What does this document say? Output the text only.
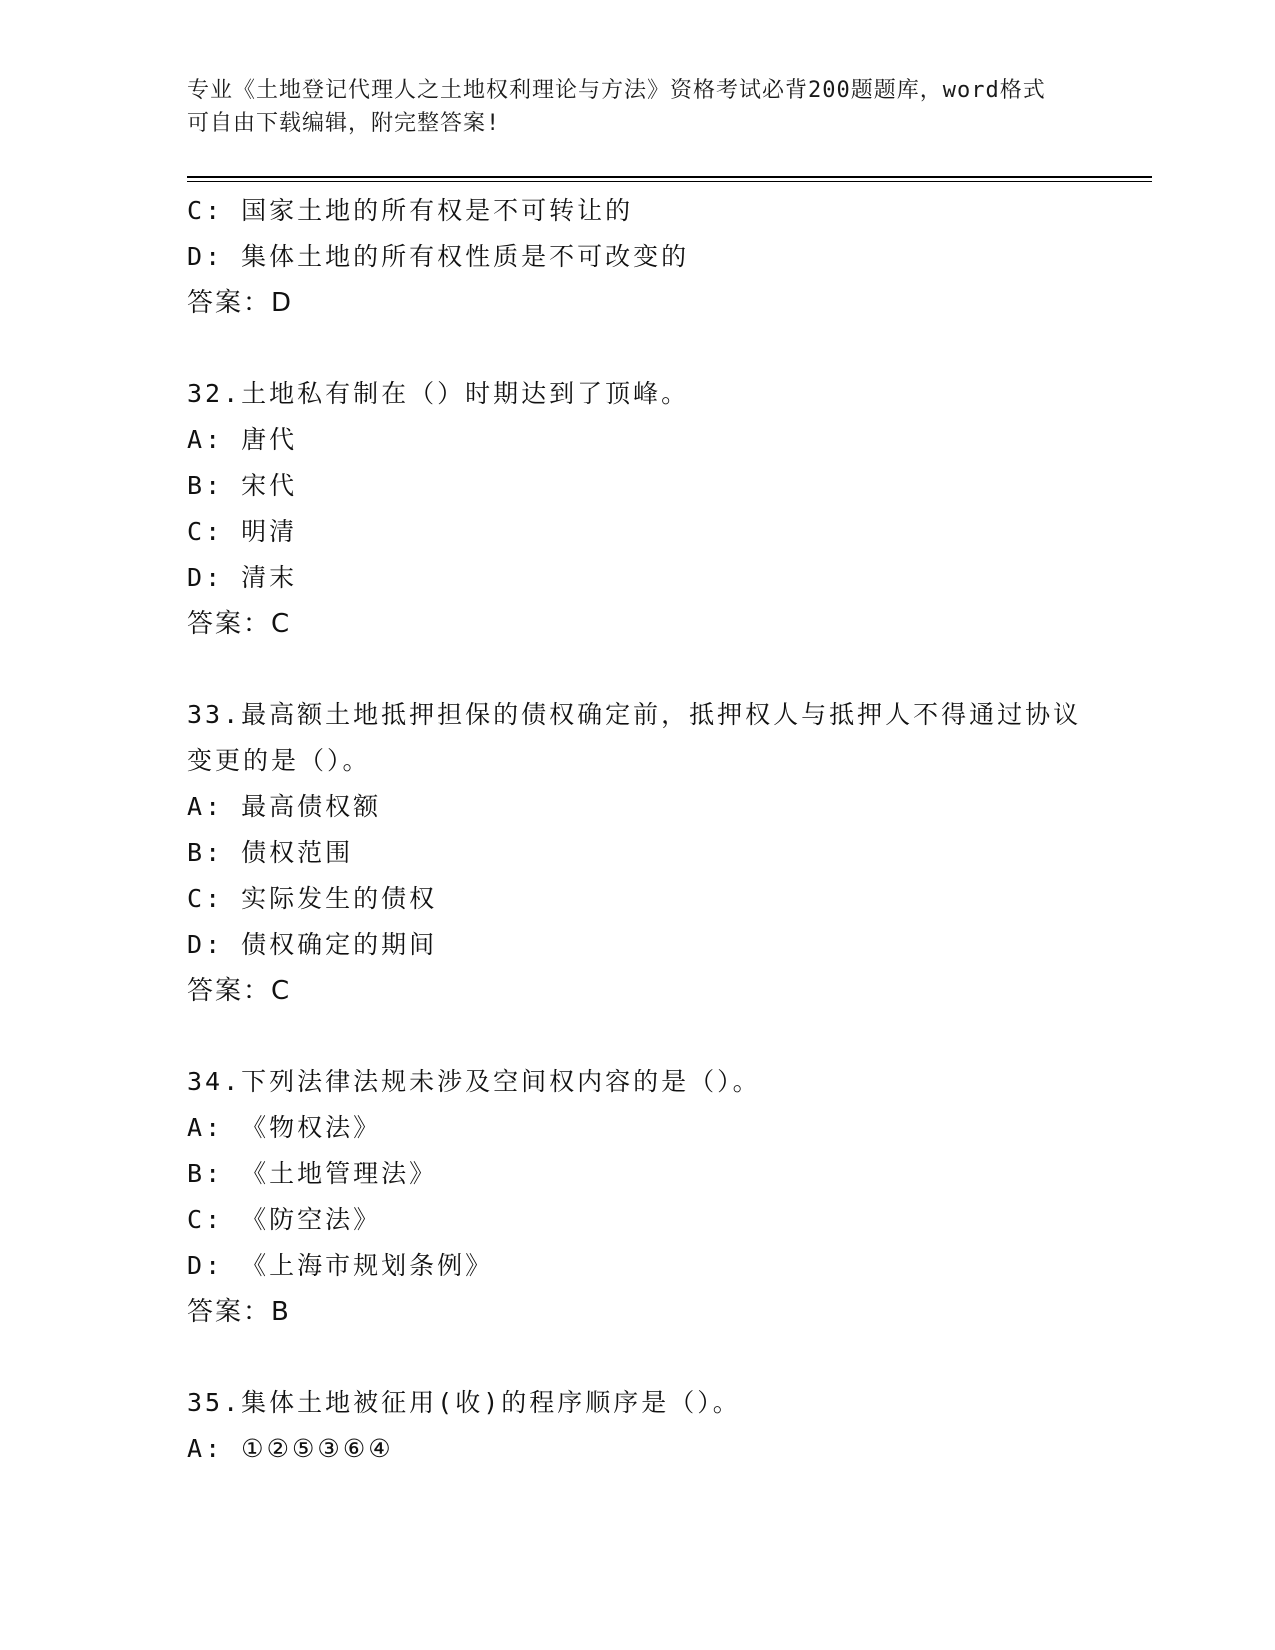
专业《土地登记代理人之土地权利理论与方法》资格考试必背200题题库，word格式可自由下载编辑，附完整答案!
C: 国家土地的所有权是不可转让的
D: 集体土地的所有权性质是不可改变的
答案：D
32.土地私有制在（）时期达到了顶峰。
A: 唐代
B: 宋代
C: 明清
D: 清末
答案：C
33.最高额土地抵押担保的债权确定前，抵押权人与抵押人不得通过协议变更的是（）。
A: 最高债权额
B: 债权范围
C: 实际发生的债权
D: 债权确定的期间
答案：C
34.下列法律法规未涉及空间权内容的是（）。
A: 《物权法》
B: 《土地管理法》
C: 《防空法》
D: 《上海市规划条例》
答案：B
35.集体土地被征用(收)的程序顺序是（）。
A: ①②⑤③⑥④
